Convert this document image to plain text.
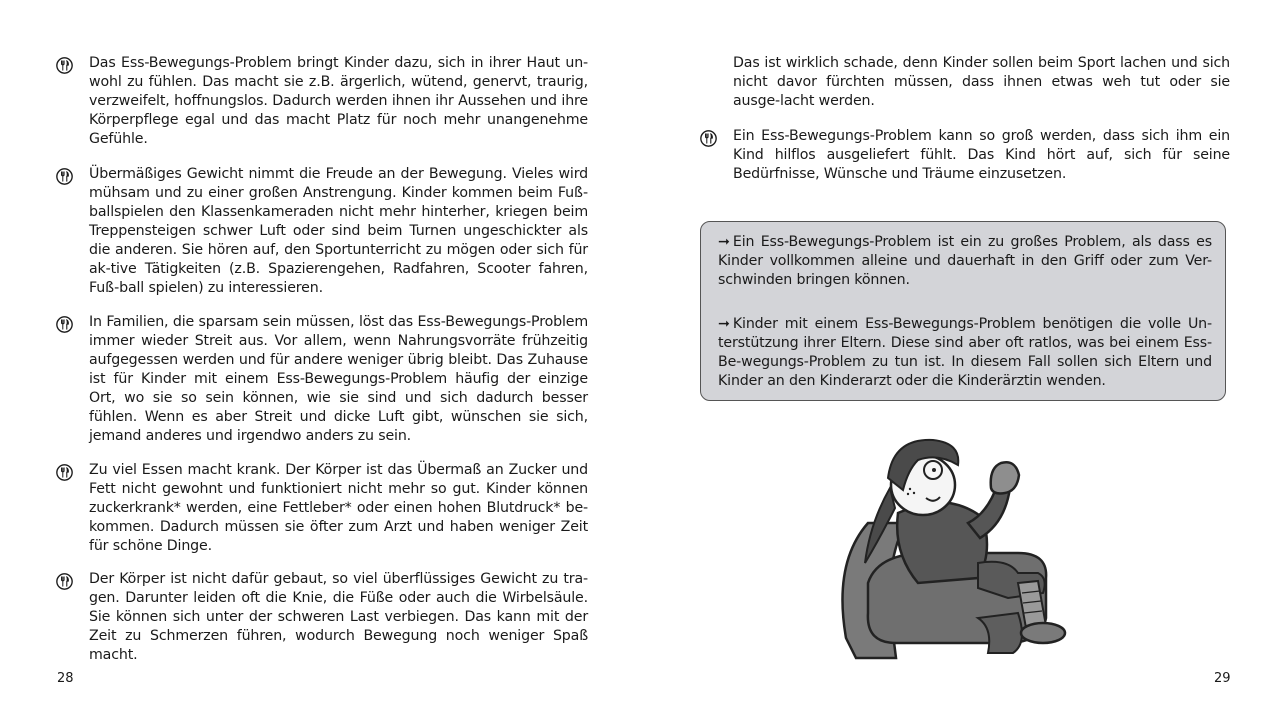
Das Ess-Bewegungs-Problem bringt Kinder dazu, sich in ihrer Haut un-wohl zu fühlen. Das macht sie z.B. ärgerlich, wütend, genervt, traurig, verzweifelt, hoffnungslos. Dadurch werden ihnen ihr Aussehen und ihre Körperpflege egal und das macht Platz für noch mehr unangenehme Gefühle.
Übermäßiges Gewicht nimmt die Freude an der Bewegung. Vieles wird mühsam und zu einer großen Anstrengung. Kinder kommen beim Fuß-ballspielen den Klassenkameraden nicht mehr hinterher, kriegen beim Treppensteigen schwer Luft oder sind beim Turnen ungeschickter als die anderen. Sie hören auf, den Sportunterricht zu mögen oder sich für ak-tive Tätigkeiten (z.B. Spazierengehen, Radfahren, Scooter fahren, Fuß-ball spielen) zu interessieren.
In Familien, die sparsam sein müssen, löst das Ess-Bewegungs-Problem immer wieder Streit aus. Vor allem, wenn Nahrungsvorräte frühzeitig aufgegessen werden und für andere weniger übrig bleibt. Das Zuhause ist für Kinder mit einem Ess-Bewegungs-Problem häufig der einzige Ort, wo sie so sein können, wie sie sind und sich dadurch besser fühlen. Wenn es aber Streit und dicke Luft gibt, wünschen sie sich, jemand anderes und irgendwo anders zu sein.
Zu viel Essen macht krank. Der Körper ist das Übermaß an Zucker und Fett nicht gewohnt und funktioniert nicht mehr so gut. Kinder können zuckerkrank* werden, eine Fettleber* oder einen hohen Blutdruck* be-kommen. Dadurch müssen sie öfter zum Arzt und haben weniger Zeit für schöne Dinge.
Der Körper ist nicht dafür gebaut, so viel überflüssiges Gewicht zu tra-gen. Darunter leiden oft die Knie, die Füße oder auch die Wirbelsäule. Sie können sich unter der schweren Last verbiegen. Das kann mit der Zeit zu Schmerzen führen, wodurch Bewegung noch weniger Spaß macht.
28
Das ist wirklich schade, denn Kinder sollen beim Sport lachen und sich nicht davor fürchten müssen, dass ihnen etwas weh tut oder sie ausge-lacht werden.
Ein Ess-Bewegungs-Problem kann so groß werden, dass sich ihm ein Kind hilflos ausgeliefert fühlt. Das Kind hört auf, sich für seine Bedürfnisse, Wünsche und Träume einzusetzen.
➞ Ein Ess-Bewegungs-Problem ist ein zu großes Problem, als dass es Kinder vollkommen alleine und dauerhaft in den Griff oder zum Ver-schwinden bringen können.
➞ Kinder mit einem Ess-Bewegungs-Problem benötigen die volle Un-terstützung ihrer Eltern. Diese sind aber oft ratlos, was bei einem Ess-Be-wegungs-Problem zu tun ist. In diesem Fall sollen sich Eltern und Kinder an den Kinderarzt oder die Kinderärztin wenden.
29
